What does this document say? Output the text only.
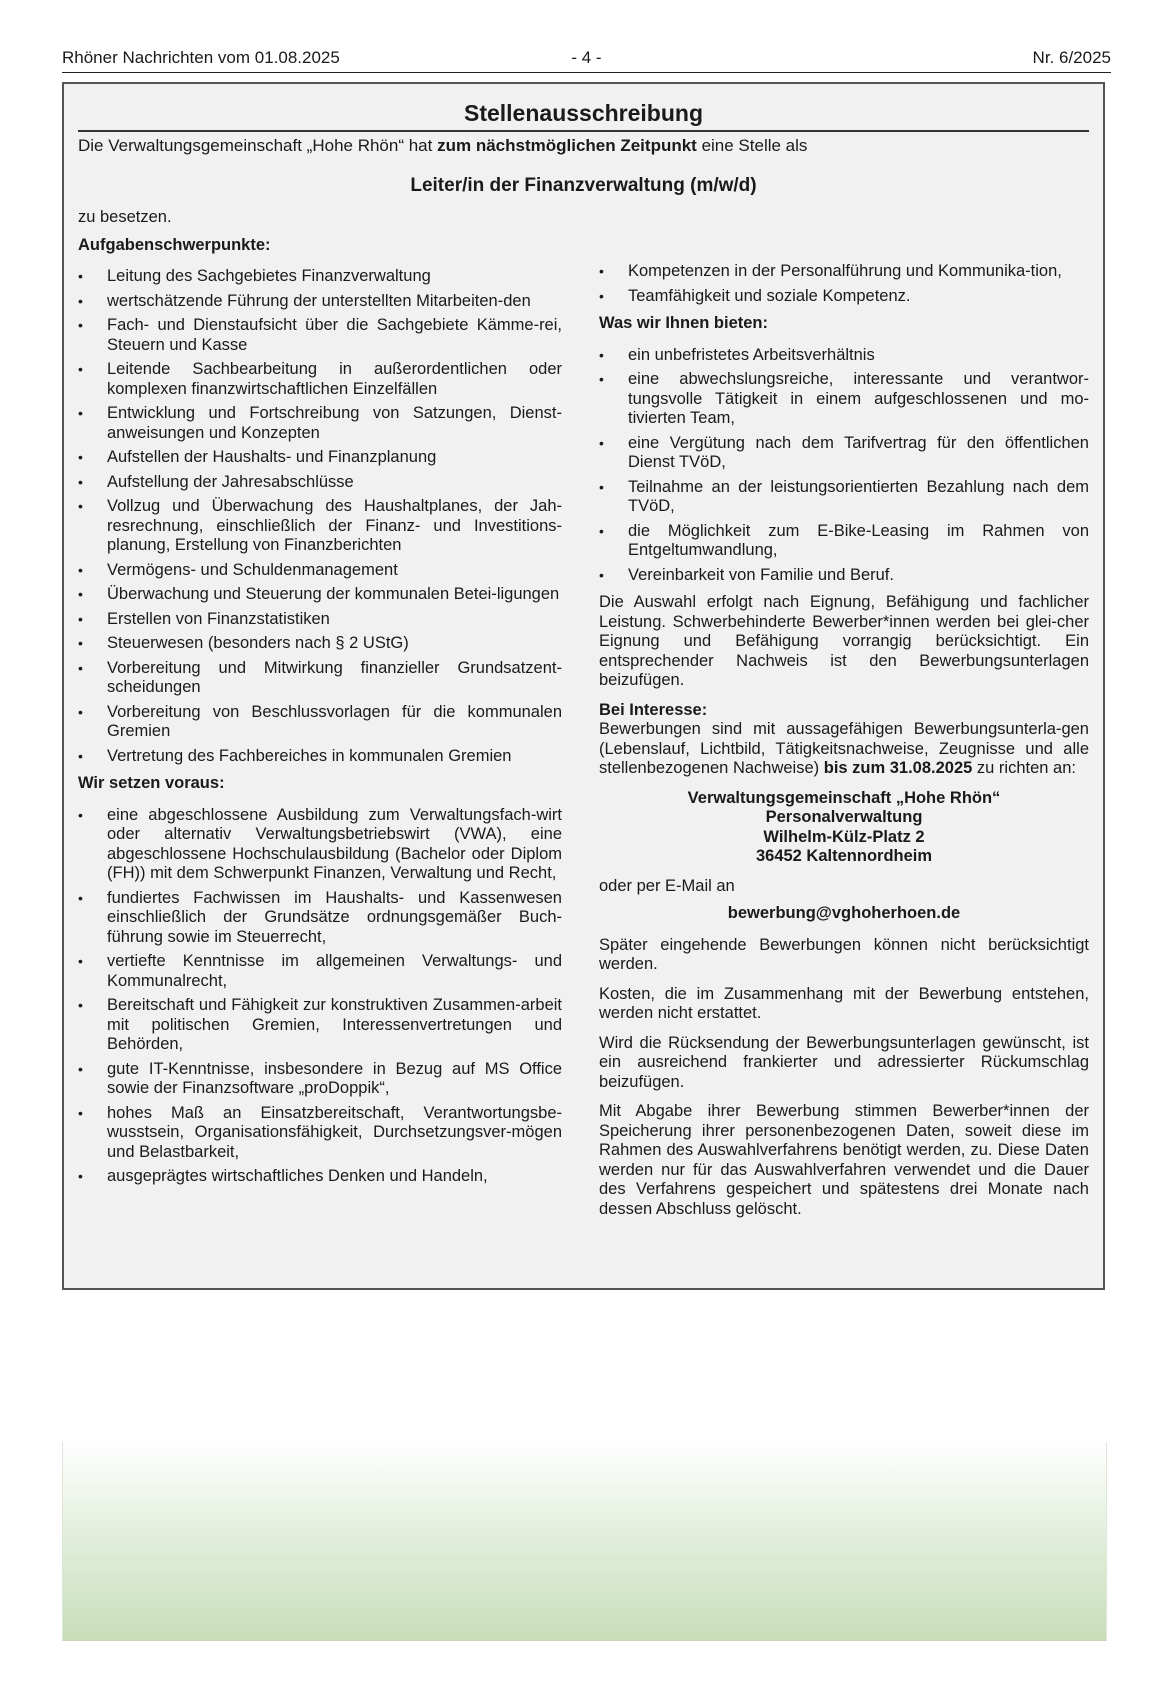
Rhöner Nachrichten vom 01.08.2025	- 4 -	Nr. 6/2025
Stellenausschreibung
Die Verwaltungsgemeinschaft „Hohe Rhön“ hat zum nächstmöglichen Zeitpunkt eine Stelle als
Leiter/in der Finanzverwaltung (m/w/d)

zu besetzen.

Aufgabenschwerpunkte:

• Leitung des Sachgebietes Finanzverwaltung
• wertschätzende Führung der unterstellten Mitarbeiten-den
• Fach- und Dienstaufsicht über die Sachgebiete Kämme-rei, Steuern und Kasse
• Leitende Sachbearbeitung in außerordentlichen oder komplexen finanzwirtschaftlichen Einzelfällen
• Entwicklung und Fortschreibung von Satzungen, Dienst-anweisungen und Konzepten
• Aufstellen der Haushalts- und Finanzplanung
• Aufstellung der Jahresabschlüsse
• Vollzug und Überwachung des Haushaltplanes, der Jah-resrechnung, einschließlich der Finanz- und Investitions-planung, Erstellung von Finanzberichten
• Vermögens- und Schuldenmanagement
• Überwachung und Steuerung der kommunalen Betei-ligungen
• Erstellen von Finanzstatistiken
• Steuerwesen (besonders nach § 2 UStG)
• Vorbereitung und Mitwirkung finanzieller Grundsatzent-scheidungen
• Vorbereitung von Beschlussvorlagen für die kommunalen Gremien
• Vertretung des Fachbereiches in kommunalen Gremien

Wir setzen voraus:

• eine abgeschlossene Ausbildung zum Verwaltungsfach-wirt oder alternativ Verwaltungsbetriebswirt (VWA), eine abgeschlossene Hochschulausbildung (Bachelor oder Diplom (FH)) mit dem Schwerpunkt Finanzen, Verwaltung und Recht,
• fundiertes Fachwissen im Haushalts- und Kassenwesen einschließlich der Grundsätze ordnungsgemäßer Buch-führung sowie im Steuerrecht,
• vertiefte Kenntnisse im allgemeinen Verwaltungs- und Kommunalrecht,
• Bereitschaft und Fähigkeit zur konstruktiven Zusammen-arbeit mit politischen Gremien, Interessenvertretungen und Behörden,
• gute IT-Kenntnisse, insbesondere in Bezug auf MS Office sowie der Finanzsoftware „proDoppik“,
• hohes Maß an Einsatzbereitschaft, Verantwortungsbe-wusstsein, Organisationsfähigkeit, Durchsetzungsver-mögen und Belastbarkeit,
• ausgeprägtes wirtschaftliches Denken und Handeln,
• Kompetenzen in der Personalführung und Kommunika-tion,
• Teamfähigkeit und soziale Kompetenz.

Was wir Ihnen bieten:

• ein unbefristetes Arbeitsverhältnis
• eine abwechslungsreiche, interessante und verantwor-tungsvolle Tätigkeit in einem aufgeschlossenen und mo-tivierten Team,
• eine Vergütung nach dem Tarifvertrag für den öffentlichen Dienst TVöD,
• Teilnahme an der leistungsorientierten Bezahlung nach dem TVöD,
• die Möglichkeit zum E-Bike-Leasing im Rahmen von Entgeltumwandlung,
• Vereinbarkeit von Familie und Beruf.

Die Auswahl erfolgt nach Eignung, Befähigung und fachlicher Leistung. Schwerbehinderte Bewerber*innen werden bei glei-cher Eignung und Befähigung vorrangig berücksichtigt. Ein entsprechender Nachweis ist den Bewerbungsunterlagen beizufügen.

Bei Interesse:
Bewerbungen sind mit aussagefähigen Bewerbungsunterla-gen (Lebenslauf, Lichtbild, Tätigkeitsnachweise, Zeugnisse und alle stellenbezogenen Nachweise) bis zum 31.08.2025 zu richten an:

Verwaltungsgemeinschaft „Hohe Rhön“
Personalverwaltung
Wilhelm-Külz-Platz 2
36452 Kaltennordheim

oder per E-Mail an

bewerbung@vghoherhoen.de

Später eingehende Bewerbungen können nicht berücksichtigt werden.

Kosten, die im Zusammenhang mit der Bewerbung entstehen, werden nicht erstattet.

Wird die Rücksendung der Bewerbungsunterlagen gewünscht, ist ein ausreichend frankierter und adressierter Rückumschlag beizufügen.

Mit Abgabe ihrer Bewerbung stimmen Bewerber*innen der Speicherung ihrer personenbezogenen Daten, soweit diese im Rahmen des Auswahlverfahrens benötigt werden, zu. Diese Daten werden nur für das Auswahlverfahren verwendet und die Dauer des Verfahrens gespeichert und spätestens drei Monate nach dessen Abschluss gelöscht.
